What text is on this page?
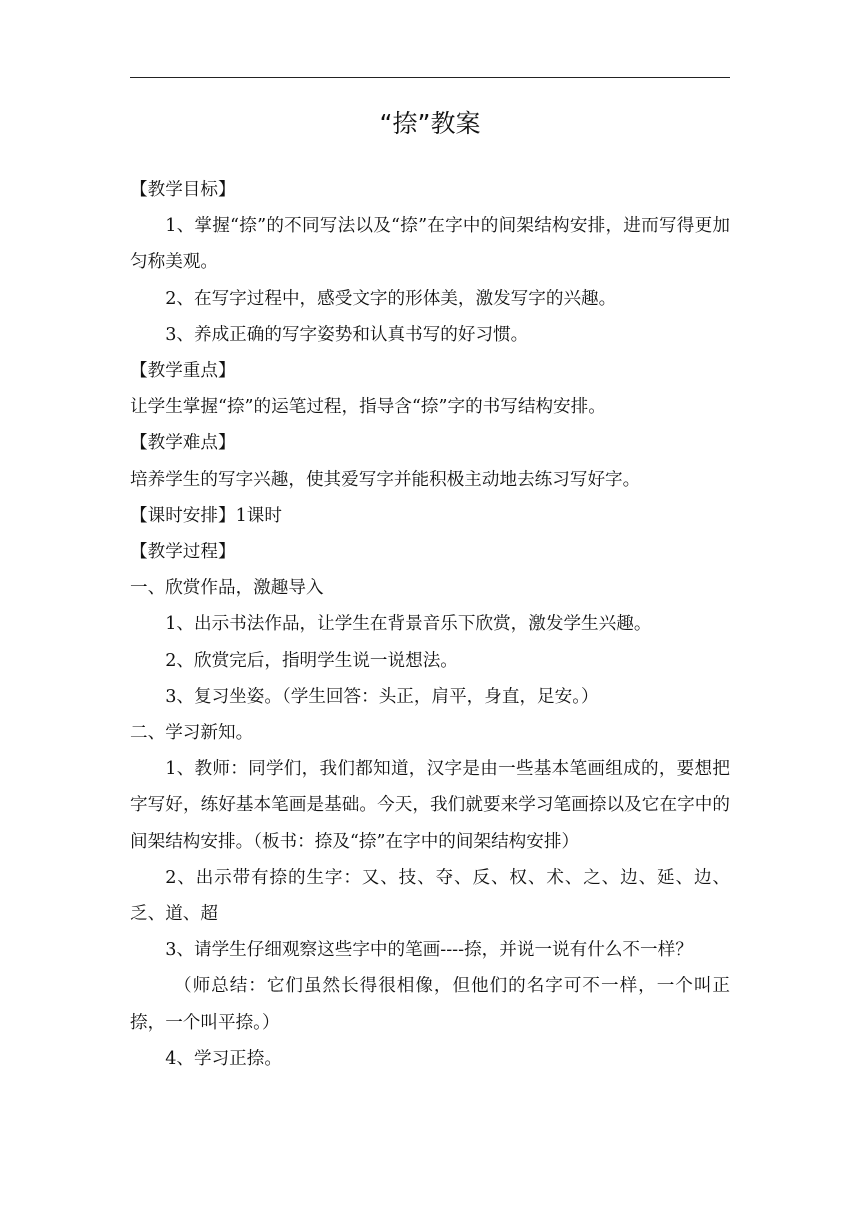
“捺”教案

【教学目标】

1、掌握“捺”的不同写法以及“捺”在字中的间架结构安排，进而写得更加匀称美观。

2、在写字过程中，感受文字的形体美，激发写字的兴趣。

3、养成正确的写字姿势和认真书写的好习惯。

【教学重点】

让学生掌握“捺”的运笔过程，指导含“捺”字的书写结构安排。

【教学难点】

培养学生的写字兴趣，使其爱写字并能积极主动地去练习写好字。

【课时安排】1课时

【教学过程】

一、欣赏作品，激趣导入

1、出示书法作品，让学生在背景音乐下欣赏，激发学生兴趣。

2、欣赏完后，指明学生说一说想法。

3、复习坐姿。（学生回答：头正，肩平，身直，足安。）

二、学习新知。

1、教师：同学们，我们都知道，汉字是由一些基本笔画组成的，要想把字写好，练好基本笔画是基础。今天，我们就要来学习笔画捺以及它在字中的间架结构安排。（板书：捺及“捺”在字中的间架结构安排）

2、出示带有捺的生字：又、技、夺、反、权、术、之、边、延、边、乏、道、超

3、请学生仔细观察这些字中的笔画----捺，并说一说有什么不一样？

（师总结：它们虽然长得很相像，但他们的名字可不一样，一个叫正捺，一个叫平捺。）

4、学习正捺。
